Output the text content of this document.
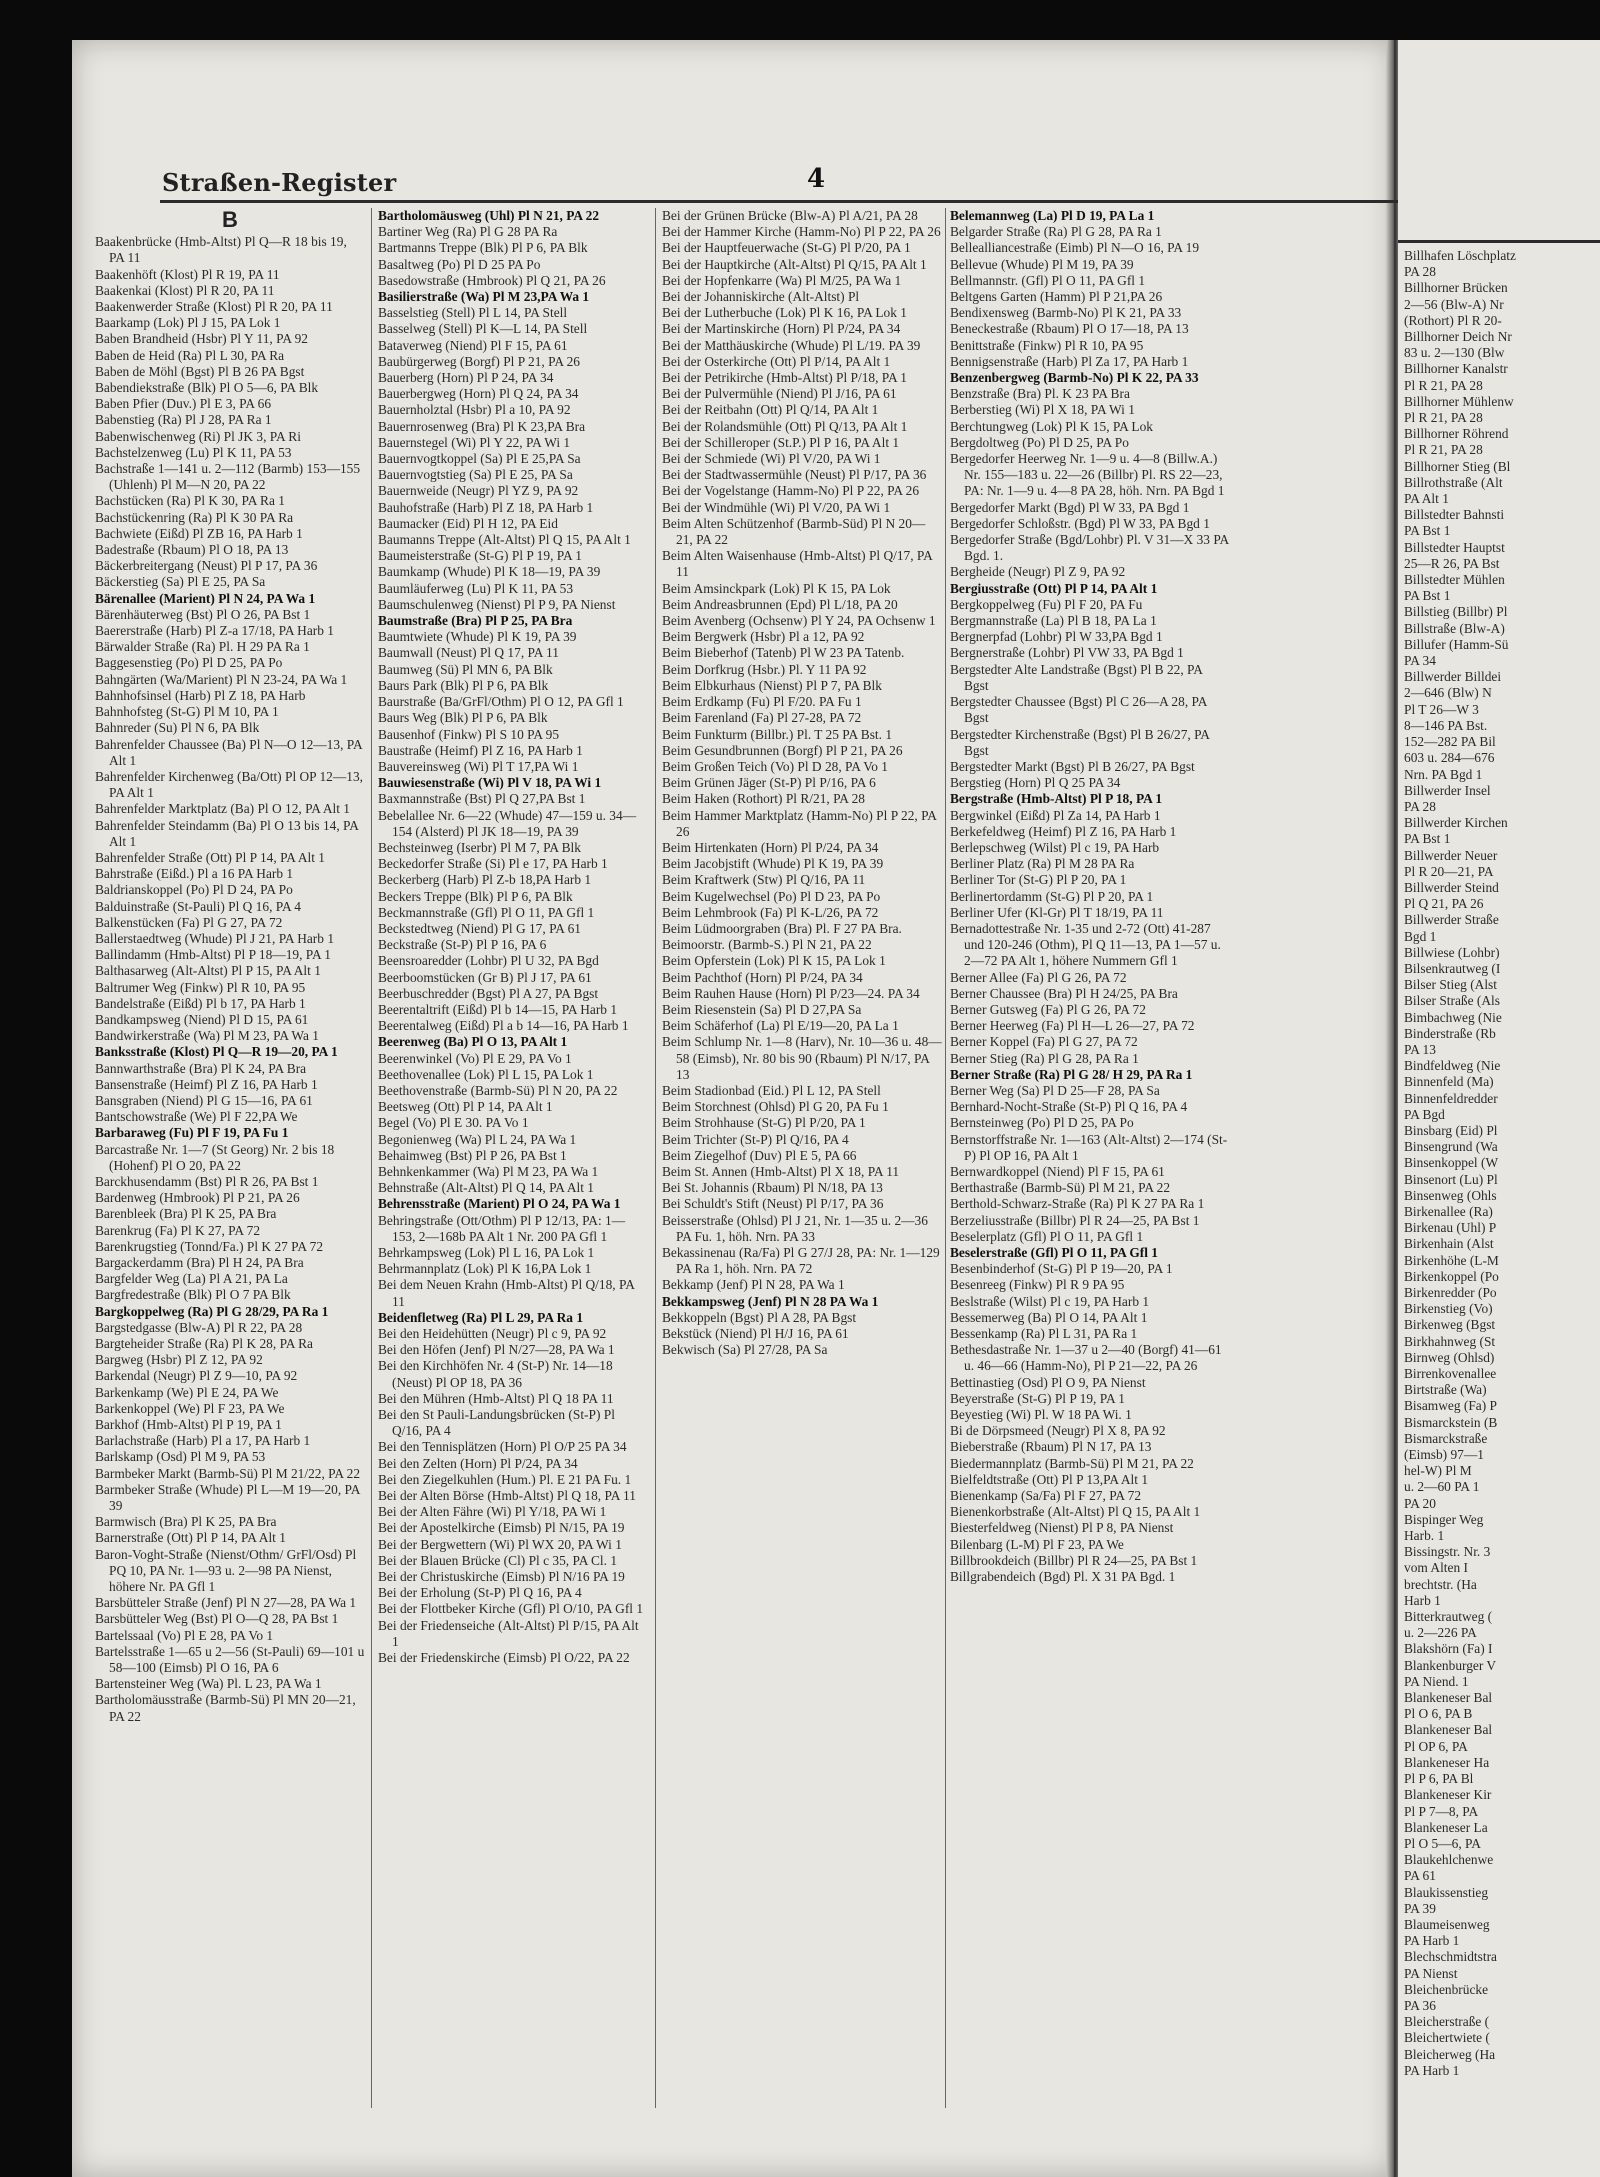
Straßen-Register	4

Billhafen Löschplatz

PA 28

Billhorner Brücken

2—56 (Blw-A) Nr

(Rothort) Pl R 20-

Billhorner Deich Nr

83 u. 2—130 (Blw

Billhorner Kanalstr

Pl R 21, PA 28

Billhorner Mühlenw

Pl R 21, PA 28

Billhorner Röhrend

Pl R 21, PA 28

Billhorner Stieg (Bl

Billrothstraße (Alt

PA Alt 1

Billstedter Bahnsti

PA Bst 1

Billstedter Hauptst

25—R 26, PA Bst

Billstedter Mühlen

PA Bst 1

Billstieg (Billbr) Pl

Billstraße (Blw-A)

Billufer (Hamm-Sü

PA 34

Billwerder Billdei

2—646 (Blw) N

Pl T 26—W 3

8—146 PA Bst.

152—282 PA Bil

603 u. 284—676

Nrn. PA Bgd 1

Billwerder Insel

PA 28

Billwerder Kirchen

PA Bst 1

Billwerder Neuer

Pl R 20—21, PA

Billwerder Steind

Pl Q 21, PA 26

Billwerder Straße

Bgd 1

Billwiese (Lohbr)

Bilsenkrautweg (I

Bilser Stieg (Alst

Bilser Straße (Als

Bimbachweg (Nie

Binderstraße (Rb

PA 13

Bindfeldweg (Nie

Binnenfeld (Ma)

Binnenfeldredder

PA Bgd

Binsbarg (Eid) Pl

Binsengrund (Wa

Binsenkoppel (W

Binsenort (Lu) Pl

Binsenweg (Ohls

Birkenallee (Ra)

Birkenau (Uhl) P

Birkenhain (Alst

Birkenhöhe (L-M

Birkenkoppel (Po

Birkenredder (Po

Birkenstieg (Vo)

Birkenweg (Bgst

Birkhahnweg (St

Birnweg (Ohlsd)

Birrenkovenallee

Birtstraße (Wa)

Bisamweg (Fa) P

Bismarckstein (B

Bismarckstraße

(Eimsb) 97—1

hel-W) Pl M

u. 2—60 PA 1

PA 20

Bispinger Weg

Harb. 1

Bissingstr. Nr. 3

vom Alten I

brechtstr. (Ha

Harb 1

Bitterkrautweg (

u. 2—226 PA

Blakshörn (Fa) I

Blankenburger V

PA Niend. 1

Blankeneser Bal

Pl O 6, PA B

Blankeneser Bal

Pl OP 6, PA

Blankeneser Ha

Pl P 6, PA Bl

Blankeneser Kir

Pl P 7—8, PA

Blankeneser La

Pl O 5—6, PA

Blaukehlchenwe

PA 61

Blaukissenstieg

PA 39

Blaumeisenweg

PA Harb 1

Blechschmidtstra

PA Nienst

Bleichenbrücke

PA 36

Bleicherstraße (

Bleichertwiete (

Bleicherweg (Ha

PA Harb 1

B

Baakenbrücke (Hmb-Altst) Pl Q—R 18 bis 19, PA 11

Baakenhöft (Klost) Pl R 19, PA 11

Baakenkai (Klost) Pl R 20, PA 11

Baakenwerder Straße (Klost) Pl R 20, PA 11

Baarkamp (Lok) Pl J 15, PA Lok 1

Baben Brandheid (Hsbr) Pl Y 11, PA 92

Baben de Heid (Ra) Pl L 30, PA Ra

Baben de Möhl (Bgst) Pl B 26 PA Bgst

Babendiekstraße (Blk) Pl O 5—6, PA Blk

Baben Pfier (Duv.) Pl E 3, PA 66

Babenstieg (Ra) Pl J 28, PA Ra 1

Babenwischenweg (Ri) Pl JK 3, PA Ri

Bachstelzenweg (Lu) Pl K 11, PA 53

Bachstraße 1—141 u. 2—112 (Barmb) 153—155 (Uhlenh) Pl M—N 20, PA 22

Bachstücken (Ra) Pl K 30, PA Ra 1

Bachstückenring (Ra) Pl K 30 PA Ra

Bachwiete (Eißd) Pl ZB 16, PA Harb 1

Badestraße (Rbaum) Pl O 18, PA 13

Bäckerbreitergang (Neust) Pl P 17, PA 36

Bäckerstieg (Sa) Pl E 25, PA Sa

Bärenallee (Marient) Pl N 24, PA Wa 1

Bärenhäuterweg (Bst) Pl O 26, PA Bst 1

Baererstraße (Harb) Pl Z-a 17/18, PA Harb 1

Bärwalder Straße (Ra) Pl. H 29 PA Ra 1

Baggesenstieg (Po) Pl D 25, PA Po

Bahngärten (Wa/Marient) Pl N 23-24, PA Wa 1

Bahnhofsinsel (Harb) Pl Z 18, PA Harb

Bahnhofsteg (St-G) Pl M 10, PA 1

Bahnreder (Su) Pl N 6, PA Blk

Bahrenfelder Chaussee (Ba) Pl N—O 12—13, PA Alt 1

Bahrenfelder Kirchenweg (Ba/Ott) Pl OP 12—13, PA Alt 1

Bahrenfelder Marktplatz (Ba) Pl O 12, PA Alt 1

Bahrenfelder Steindamm (Ba) Pl O 13 bis 14, PA Alt 1

Bahrenfelder Straße (Ott) Pl P 14, PA Alt 1

Bahrstraße (Eißd.) Pl a 16 PA Harb 1

Baldrianskoppel (Po) Pl D 24, PA Po

Balduinstraße (St-Pauli) Pl Q 16, PA 4

Balkenstücken (Fa) Pl G 27, PA 72

Ballerstaedtweg (Whude) Pl J 21, PA Harb 1

Ballindamm (Hmb-Altst) Pl P 18—19, PA 1

Balthasarweg (Alt-Altst) Pl P 15, PA Alt 1

Baltrumer Weg (Finkw) Pl R 10, PA 95

Bandelstraße (Eißd) Pl b 17, PA Harb 1

Bandkampsweg (Niend) Pl D 15, PA 61

Bandwirkerstraße (Wa) Pl M 23, PA Wa 1

Banksstraße (Klost) Pl Q—R 19—20, PA 1

Bannwarthstraße (Bra) Pl K 24, PA Bra

Bansenstraße (Heimf) Pl Z 16, PA Harb 1

Bansgraben (Niend) Pl G 15—16, PA 61

Bantschowstraße (We) Pl F 22,PA We

Barbaraweg (Fu) Pl F 19, PA Fu 1

Barcastraße Nr. 1—7 (St Georg) Nr. 2 bis 18 (Hohenf) Pl O 20, PA 22

Barckhusendamm (Bst) Pl R 26, PA Bst 1

Bardenweg (Hmbrook) Pl P 21, PA 26

Barenbleek (Bra) Pl K 25, PA Bra

Barenkrug (Fa) Pl K 27, PA 72

Barenkrugstieg (Tonnd/Fa.) Pl K 27 PA 72

Bargackerdamm (Bra) Pl H 24, PA Bra

Bargfelder Weg (La) Pl A 21, PA La

Bargfredestraße (Blk) Pl O 7 PA Blk

Bargkoppelweg (Ra) Pl G 28/29, PA Ra 1

Bargstedgasse (Blw-A) Pl R 22, PA 28

Bargteheider Straße (Ra) Pl K 28, PA Ra

Bargweg (Hsbr) Pl Z 12, PA 92

Barkendal (Neugr) Pl Z 9—10, PA 92

Barkenkamp (We) Pl E 24, PA We

Barkenkoppel (We) Pl F 23, PA We

Barkhof (Hmb-Altst) Pl P 19, PA 1

Barlachstraße (Harb) Pl a 17, PA Harb 1

Barlskamp (Osd) Pl M 9, PA 53

Barmbeker Markt (Barmb-Sü) Pl M 21/22, PA 22

Barmbeker Straße (Whude) Pl L—M 19—20, PA 39

Barmwisch (Bra) Pl K 25, PA Bra

Barnerstraße (Ott) Pl P 14, PA Alt 1

Baron-Voght-Straße (Nienst/Othm/ GrFl/Osd) Pl PQ 10, PA Nr. 1—93 u. 2—98 PA Nienst, höhere Nr. PA Gfl 1

Barsbütteler Straße (Jenf) Pl N 27—28, PA Wa 1

Barsbütteler Weg (Bst) Pl O—Q 28, PA Bst 1

Bartelssaal (Vo) Pl E 28, PA Vo 1

Bartelsstraße 1—65 u 2—56 (St-Pauli) 69—101 u 58—100 (Eimsb) Pl O 16, PA 6

Bartensteiner Weg (Wa) Pl. L 23, PA Wa 1

Bartholomäusstraße (Barmb-Sü) Pl MN 20—21, PA 22

Bartholomäusweg (Uhl) Pl N 21, PA 22

Bartiner Weg (Ra) Pl G 28 PA Ra

Bartmanns Treppe (Blk) Pl P 6, PA Blk

Basaltweg (Po) Pl D 25 PA Po

Basedowstraße (Hmbrook) Pl Q 21, PA 26

Basilierstraße (Wa) Pl M 23,PA Wa 1

Basselstieg (Stell) Pl L 14, PA Stell

Basselweg (Stell) Pl K—L 14, PA Stell

Bataverweg (Niend) Pl F 15, PA 61

Baubürgerweg (Borgf) Pl P 21, PA 26

Bauerberg (Horn) Pl P 24, PA 34

Bauerbergweg (Horn) Pl Q 24, PA 34

Bauernholztal (Hsbr) Pl a 10, PA 92

Bauernrosenweg (Bra) Pl K 23,PA Bra

Bauernstegel (Wi) Pl Y 22, PA Wi 1

Bauernvogtkoppel (Sa) Pl E 25,PA Sa

Bauernvogtstieg (Sa) Pl E 25, PA Sa

Bauernweide (Neugr) Pl YZ 9, PA 92

Bauhofstraße (Harb) Pl Z 18, PA Harb 1

Baumacker (Eid) Pl H 12, PA Eid

Baumanns Treppe (Alt-Altst) Pl Q 15, PA Alt 1

Baumeisterstraße (St-G) Pl P 19, PA 1

Baumkamp (Whude) Pl K 18—19, PA 39

Baumläuferweg (Lu) Pl K 11, PA 53

Baumschulenweg (Nienst) Pl P 9, PA Nienst

Baumstraße (Bra) Pl P 25, PA Bra

Baumtwiete (Whude) Pl K 19, PA 39

Baumwall (Neust) Pl Q 17, PA 11

Baumweg (Sü) Pl MN 6, PA Blk

Baurs Park (Blk) Pl P 6, PA Blk

Baurstraße (Ba/GrFl/Othm) Pl O 12, PA Gfl 1

Baurs Weg (Blk) Pl P 6, PA Blk

Bausenhof (Finkw) Pl S 10 PA 95

Baustraße (Heimf) Pl Z 16, PA Harb 1

Bauvereinsweg (Wi) Pl T 17,PA Wi 1

Bauwiesenstraße (Wi) Pl V 18, PA Wi 1

Baxmannstraße (Bst) Pl Q 27,PA Bst 1

Bebelallee Nr. 6—22 (Whude) 47—159 u. 34—154 (Alsterd) Pl JK 18—19, PA 39

Bechsteinweg (Iserbr) Pl M 7, PA Blk

Beckedorfer Straße (Si) Pl e 17, PA Harb 1

Beckerberg (Harb) Pl Z-b 18,PA Harb 1

Beckers Treppe (Blk) Pl P 6, PA Blk

Beckmannstraße (Gfl) Pl O 11, PA Gfl 1

Beckstedtweg (Niend) Pl G 17, PA 61

Beckstraße (St-P) Pl P 16, PA 6

Beensroaredder (Lohbr) Pl U 32, PA Bgd

Beerboomstücken (Gr B) Pl J 17, PA 61

Beerbuschredder (Bgst) Pl A 27, PA Bgst

Beerentaltrift (Eißd) Pl b 14—15, PA Harb 1

Beerentalweg (Eißd) Pl a b 14—16, PA Harb 1

Beerenweg (Ba) Pl O 13, PA Alt 1

Beerenwinkel (Vo) Pl E 29, PA Vo 1

Beethovenallee (Lok) Pl L 15, PA Lok 1

Beethovenstraße (Barmb-Sü) Pl N 20, PA 22

Beetsweg (Ott) Pl P 14, PA Alt 1

Begel (Vo) Pl E 30. PA Vo 1

Begonienweg (Wa) Pl L 24, PA Wa 1

Behaimweg (Bst) Pl P 26, PA Bst 1

Behnkenkammer (Wa) Pl M 23, PA Wa 1

Behnstraße (Alt-Altst) Pl Q 14, PA Alt 1

Behrensstraße (Marient) Pl O 24, PA Wa 1

Behringstraße (Ott/Othm) Pl P 12/13, PA: 1—153, 2—168b PA Alt 1 Nr. 200 PA Gfl 1

Behrkampsweg (Lok) Pl L 16, PA Lok 1

Behrmannplatz (Lok) Pl K 16,PA Lok 1

Bei dem Neuen Krahn (Hmb-Altst) Pl Q/18, PA 11

Beidenfletweg (Ra) Pl L 29, PA Ra 1

Bei den Heidehütten (Neugr) Pl c 9, PA 92

Bei den Höfen (Jenf) Pl N/27—28, PA Wa 1

Bei den Kirchhöfen Nr. 4 (St-P) Nr. 14—18 (Neust) Pl OP 18, PA 36

Bei den Mühren (Hmb-Altst) Pl Q 18 PA 11

Bei den St Pauli-Landungsbrücken (St-P) Pl Q/16, PA 4

Bei den Tennisplätzen (Horn) Pl O/P 25 PA 34

Bei den Zelten (Horn) Pl P/24, PA 34

Bei den Ziegelkuhlen (Hum.) Pl. E 21 PA Fu. 1

Bei der Alten Börse (Hmb-Altst) Pl Q 18, PA 11

Bei der Alten Fähre (Wi) Pl Y/18, PA Wi 1

Bei der Apostelkirche (Eimsb) Pl N/15, PA 19

Bei der Bergwettern (Wi) Pl WX 20, PA Wi 1

Bei der Blauen Brücke (Cl) Pl c 35, PA Cl. 1

Bei der Christuskirche (Eimsb) Pl N/16 PA 19

Bei der Erholung (St-P) Pl Q 16, PA 4

Bei der Flottbeker Kirche (Gfl) Pl O/10, PA Gfl 1

Bei der Friedenseiche (Alt-Altst) Pl P/15, PA Alt 1

Bei der Friedenskirche (Eimsb) Pl O/22, PA 22

Bei der Grünen Brücke (Blw-A) Pl A/21, PA 28

Bei der Hammer Kirche (Hamm-No) Pl P 22, PA 26

Bei der Hauptfeuerwache (St-G) Pl P/20, PA 1

Bei der Hauptkirche (Alt-Altst) Pl Q/15, PA Alt 1

Bei der Hopfenkarre (Wa) Pl M/25, PA Wa 1

Bei der Johanniskirche (Alt-Altst) Pl

Bei der Lutherbuche (Lok) Pl K 16, PA Lok 1

Bei der Martinskirche (Horn) Pl P/24, PA 34

Bei der Matthäuskirche (Whude) Pl L/19. PA 39

Bei der Osterkirche (Ott) Pl P/14, PA Alt 1

Bei der Petrikirche (Hmb-Altst) Pl P/18, PA 1

Bei der Pulvermühle (Niend) Pl J/16, PA 61

Bei der Reitbahn (Ott) Pl Q/14, PA Alt 1

Bei der Rolandsmühle (Ott) Pl Q/13, PA Alt 1

Bei der Schilleroper (St.P.) Pl P 16, PA Alt 1

Bei der Schmiede (Wi) Pl V/20, PA Wi 1

Bei der Stadtwassermühle (Neust) Pl P/17, PA 36

Bei der Vogelstange (Hamm-No) Pl P 22, PA 26

Bei der Windmühle (Wi) Pl V/20, PA Wi 1

Beim Alten Schützenhof (Barmb-Süd) Pl N 20—21, PA 22

Beim Alten Waisenhause (Hmb-Altst) Pl Q/17, PA 11

Beim Amsinckpark (Lok) Pl K 15, PA Lok

Beim Andreasbrunnen (Epd) Pl L/18, PA 20

Beim Avenberg (Ochsenw) Pl Y 24, PA Ochsenw 1

Beim Bergwerk (Hsbr) Pl a 12, PA 92

Beim Bieberhof (Tatenb) Pl W 23 PA Tatenb.

Beim Dorfkrug (Hsbr.) Pl. Y 11 PA 92

Beim Elbkurhaus (Nienst) Pl P 7, PA Blk

Beim Erdkamp (Fu) Pl F/20. PA Fu 1

Beim Farenland (Fa) Pl 27-28, PA 72

Beim Funkturm (Billbr.) Pl. T 25 PA Bst. 1

Beim Gesundbrunnen (Borgf) Pl P 21, PA 26

Beim Großen Teich (Vo) Pl D 28, PA Vo 1

Beim Grünen Jäger (St-P) Pl P/16, PA 6

Beim Haken (Rothort) Pl R/21, PA 28

Beim Hammer Marktplatz (Hamm-No) Pl P 22, PA 26

Beim Hirtenkaten (Horn) Pl P/24, PA 34

Beim Jacobjstift (Whude) Pl K 19, PA 39

Beim Kraftwerk (Stw) Pl Q/16, PA 11

Beim Kugelwechsel (Po) Pl D 23, PA Po

Beim Lehmbrook (Fa) Pl K-L/26, PA 72

Beim Lüdmoorgraben (Bra) Pl. F 27 PA Bra.

Beimoorstr. (Barmb-S.) Pl N 21, PA 22

Beim Opferstein (Lok) Pl K 15, PA Lok 1

Beim Pachthof (Horn) Pl P/24, PA 34

Beim Rauhen Hause (Horn) Pl P/23—24. PA 34

Beim Riesenstein (Sa) Pl D 27,PA Sa

Beim Schäferhof (La) Pl E/19—20, PA La 1

Beim Schlump Nr. 1—8 (Harv), Nr. 10—36 u. 48—58 (Eimsb), Nr. 80 bis 90 (Rbaum) Pl N/17, PA 13

Beim Stadionbad (Eid.) Pl L 12, PA Stell

Beim Storchnest (Ohlsd) Pl G 20, PA Fu 1

Beim Strohhause (St-G) Pl P/20, PA 1

Beim Trichter (St-P) Pl Q/16, PA 4

Beim Ziegelhof (Duv) Pl E 5, PA 66

Beim St. Annen (Hmb-Altst) Pl X 18, PA 11

Bei St. Johannis (Rbaum) Pl N/18, PA 13

Bei Schuldt's Stift (Neust) Pl P/17, PA 36

Beisserstraße (Ohlsd) Pl J 21, Nr. 1—35 u. 2—36 PA Fu. 1, höh. Nrn. PA 33

Bekassinenau (Ra/Fa) Pl G 27/J 28, PA: Nr. 1—129 PA Ra 1, höh. Nrn. PA 72

Bekkamp (Jenf) Pl N 28, PA Wa 1

Bekkampsweg (Jenf) Pl N 28 PA Wa 1

Bekkoppeln (Bgst) Pl A 28, PA Bgst

Bekstück (Niend) Pl H/J 16, PA 61

Bekwisch (Sa) Pl 27/28, PA Sa

Belemannweg (La) Pl D 19, PA La 1

Belgarder Straße (Ra) Pl G 28, PA Ra 1

Bellealliancestraße (Eimb) Pl N—O 16, PA 19

Bellevue (Whude) Pl M 19, PA 39

Bellmannstr. (Gfl) Pl O 11, PA Gfl 1

Beltgens Garten (Hamm) Pl P 21,PA 26

Bendixensweg (Barmb-No) Pl K 21, PA 33

Beneckestraße (Rbaum) Pl O 17—18, PA 13

Benittstraße (Finkw) Pl R 10, PA 95

Bennigsenstraße (Harb) Pl Za 17, PA Harb 1

Benzenbergweg (Barmb-No) Pl K 22, PA 33

Benzstraße (Bra) Pl. K 23 PA Bra

Berberstieg (Wi) Pl X 18, PA Wi 1

Berchtungweg (Lok) Pl K 15, PA Lok

Bergdoltweg (Po) Pl D 25, PA Po

Bergedorfer Heerweg Nr. 1—9 u. 4—8 (Billw.A.) Nr. 155—183 u. 22—26 (Billbr) Pl. RS 22—23, PA: Nr. 1—9 u. 4—8 PA 28, höh. Nrn. PA Bgd 1

Bergedorfer Markt (Bgd) Pl W 33, PA Bgd 1

Bergedorfer Schloßstr. (Bgd) Pl W 33, PA Bgd 1

Bergedorfer Straße (Bgd/Lohbr) Pl. V 31—X 33 PA Bgd. 1.

Bergheide (Neugr) Pl Z 9, PA 92

Bergiusstraße (Ott) Pl P 14, PA Alt 1

Bergkoppelweg (Fu) Pl F 20, PA Fu

Bergmannstraße (La) Pl B 18, PA La 1

Bergnerpfad (Lohbr) Pl W 33,PA Bgd 1

Bergnerstraße (Lohbr) Pl VW 33, PA Bgd 1

Bergstedter Alte Landstraße (Bgst) Pl B 22, PA Bgst

Bergstedter Chaussee (Bgst) Pl C 26—A 28, PA Bgst

Bergstedter Kirchenstraße (Bgst) Pl B 26/27, PA Bgst

Bergstedter Markt (Bgst) Pl B 26/27, PA Bgst

Bergstieg (Horn) Pl Q 25 PA 34

Bergstraße (Hmb-Altst) Pl P 18, PA 1

Bergwinkel (Eißd) Pl Za 14, PA Harb 1

Berkefeldweg (Heimf) Pl Z 16, PA Harb 1

Berlepschweg (Wilst) Pl c 19, PA Harb

Berliner Platz (Ra) Pl M 28 PA Ra

Berliner Tor (St-G) Pl P 20, PA 1

Berlinertordamm (St-G) Pl P 20, PA 1

Berliner Ufer (Kl-Gr) Pl T 18/19, PA 11

Bernadottestraße Nr. 1-35 und 2-72 (Ott) 41-287 und 120-246 (Othm), Pl Q 11—13, PA 1—57 u. 2—72 PA Alt 1, höhere Nummern Gfl 1

Berner Allee (Fa) Pl G 26, PA 72

Berner Chaussee (Bra) Pl H 24/25, PA Bra

Berner Gutsweg (Fa) Pl G 26, PA 72

Berner Heerweg (Fa) Pl H—L 26—27, PA 72

Berner Koppel (Fa) Pl G 27, PA 72

Berner Stieg (Ra) Pl G 28, PA Ra 1

Berner Straße (Ra) Pl G 28/ H 29, PA Ra 1

Berner Weg (Sa) Pl D 25—F 28, PA Sa

Bernhard-Nocht-Straße (St-P) Pl Q 16, PA 4

Bernsteinweg (Po) Pl D 25, PA Po

Bernstorffstraße Nr. 1—163 (Alt-Altst) 2—174 (St-P) Pl OP 16, PA Alt 1

Bernwardkoppel (Niend) Pl F 15, PA 61

Berthastraße (Barmb-Sü) Pl M 21, PA 22

Berthold-Schwarz-Straße (Ra) Pl K 27 PA Ra 1

Berzeliusstraße (Billbr) Pl R 24—25, PA Bst 1

Beselerplatz (Gfl) Pl O 11, PA Gfl 1

Beselerstraße (Gfl) Pl O 11, PA Gfl 1

Besenbinderhof (St-G) Pl P 19—20, PA 1

Besenreeg (Finkw) Pl R 9 PA 95

Beslstraße (Wilst) Pl c 19, PA Harb 1

Bessemerweg (Ba) Pl O 14, PA Alt 1

Bessenkamp (Ra) Pl L 31, PA Ra 1

Bethesdastraße Nr. 1—37 u 2—40 (Borgf) 41—61 u. 46—66 (Hamm-No), Pl P 21—22, PA 26

Bettinastieg (Osd) Pl O 9, PA Nienst

Beyerstraße (St-G) Pl P 19, PA 1

Beyestieg (Wi) Pl. W 18 PA Wi. 1

Bi de Dörpsmeed (Neugr) Pl X 8, PA 92

Bieberstraße (Rbaum) Pl N 17, PA 13

Biedermannplatz (Barmb-Sü) Pl M 21, PA 22

Bielfeldtstraße (Ott) Pl P 13,PA Alt 1

Bienenkamp (Sa/Fa) Pl F 27, PA 72

Bienenkorbstraße (Alt-Altst) Pl Q 15, PA Alt 1

Biesterfeldweg (Nienst) Pl P 8, PA Nienst

Bilenbarg (L-M) Pl F 23, PA We

Billbrookdeich (Billbr) Pl R 24—25, PA Bst 1

Billgrabendeich (Bgd) Pl. X 31 PA Bgd. 1
